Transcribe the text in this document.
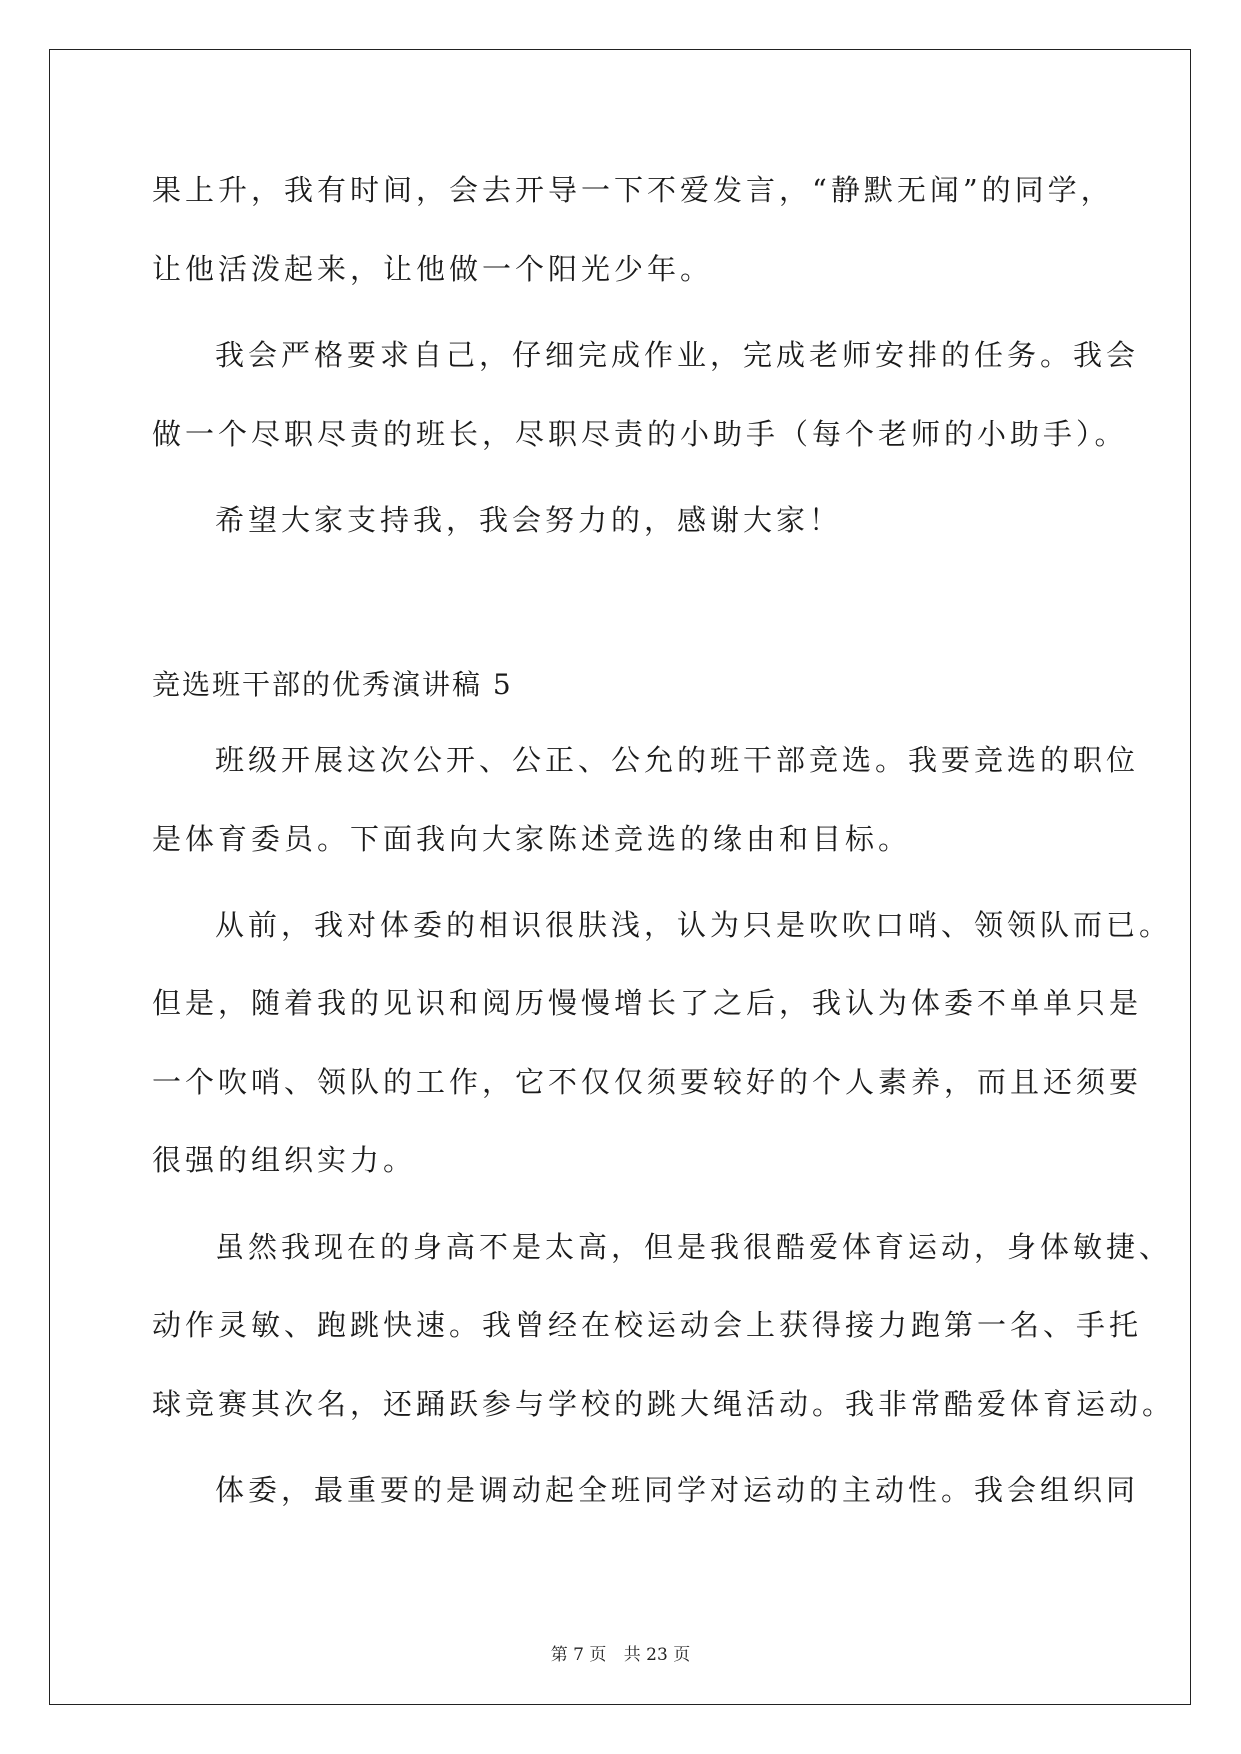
果上升，我有时间，会去开导一下不爱发言，“静默无闻”的同学，
让他活泼起来，让他做一个阳光少年。
我会严格要求自己，仔细完成作业，完成老师安排的任务。我会
做一个尽职尽责的班长，尽职尽责的小助手（每个老师的小助手）。
希望大家支持我，我会努力的，感谢大家！
竞选班干部的优秀演讲稿 5
班级开展这次公开、公正、公允的班干部竞选。我要竞选的职位
是体育委员。下面我向大家陈述竞选的缘由和目标。
从前，我对体委的相识很肤浅，认为只是吹吹口哨、领领队而已。
但是，随着我的见识和阅历慢慢增长了之后，我认为体委不单单只是
一个吹哨、领队的工作，它不仅仅须要较好的个人素养，而且还须要
很强的组织实力。
虽然我现在的身高不是太高，但是我很酷爱体育运动，身体敏捷、
动作灵敏、跑跳快速。我曾经在校运动会上获得接力跑第一名、手托
球竞赛其次名，还踊跃参与学校的跳大绳活动。我非常酷爱体育运动。
体委，最重要的是调动起全班同学对运动的主动性。我会组织同
第 7 页 共 23 页
